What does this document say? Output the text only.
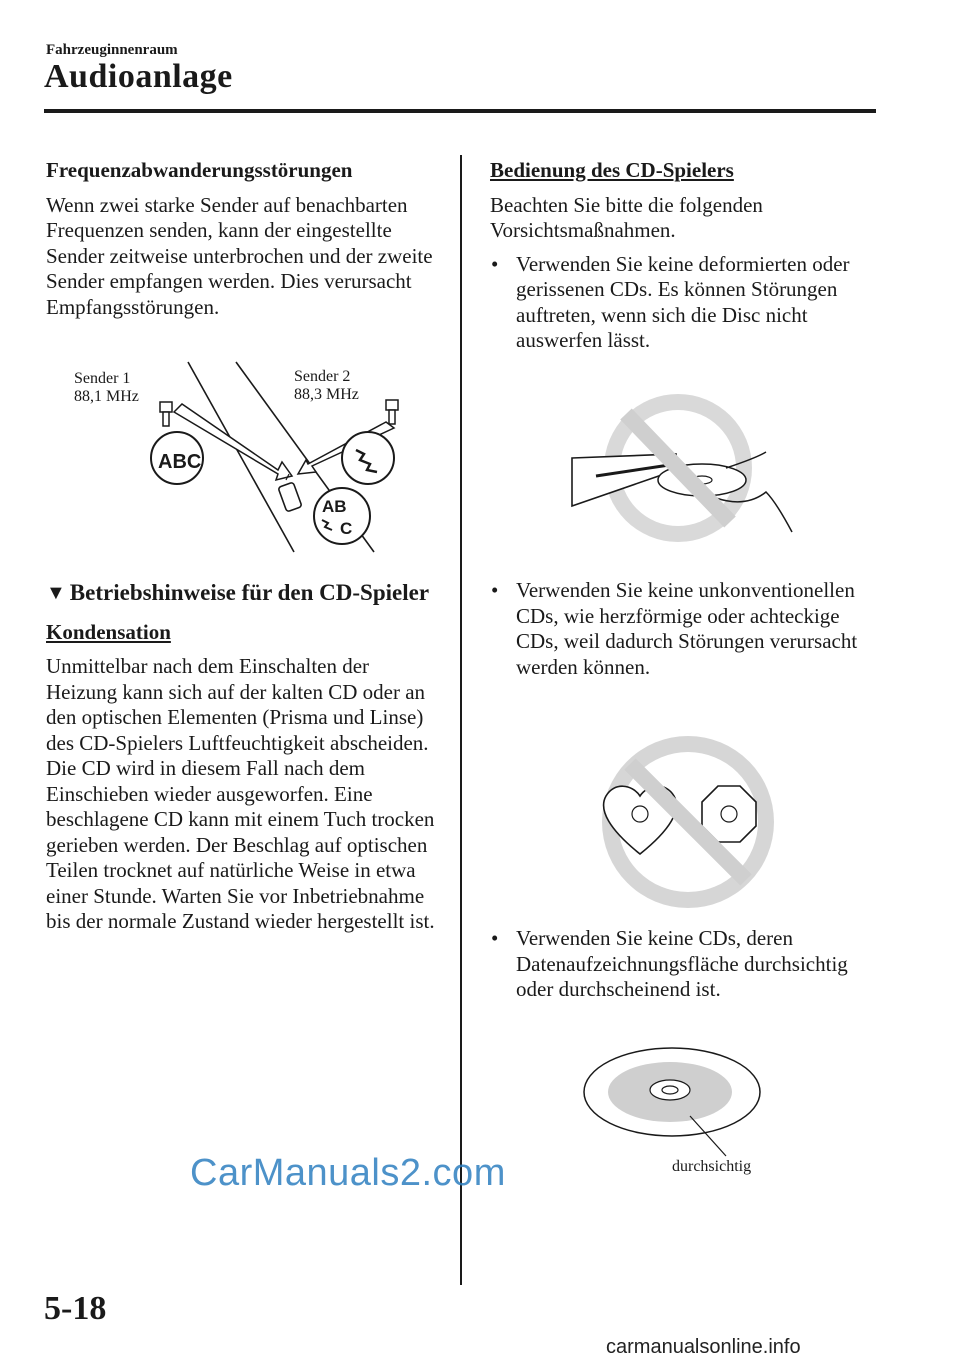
Fahrzeuginnenraum
Audioanlage

Frequenzabwanderungsstörungen

Wenn zwei starke Sender auf benachbarten Frequenzen senden, kann der eingestellte Sender zeitweise unterbrochen und der zweite Sender empfangen werden. Dies verursacht Empfangsstörungen.

ABC
AB
C
Sender 1
88,1 MHz
Sender 2
88,3 MHz
▼ Betriebshinweise für den CD-Spieler

Kondensation

Unmittelbar nach dem Einschalten der Heizung kann sich auf der kalten CD oder an den optischen Elementen (Prisma und Linse) des CD-Spielers Luftfeuchtigkeit abscheiden. Die CD wird in diesem Fall nach dem Einschieben wieder ausgeworfen. Eine beschlagene CD kann mit einem Tuch trocken gerieben werden. Der Beschlag auf optischen Teilen trocknet auf natürliche Weise in etwa einer Stunde. Warten Sie vor Inbetriebnahme bis der normale Zustand wieder hergestellt ist.

Bedienung des CD-Spielers

Beachten Sie bitte die folgenden Vorsichtsmaßnahmen.

• Verwenden Sie keine deformierten oder gerissenen CDs. Es können Störungen auftreten, wenn sich die Disc nicht auswerfen lässt.
• Verwenden Sie keine unkonventionellen CDs, wie herzförmige oder achteckige CDs, weil dadurch Störungen verursacht werden können.
• Verwenden Sie keine CDs, deren Datenaufzeichnungsfläche durchsichtig oder durchscheinend ist.
durchsichtig
5-18
CarManuals2.com
carmanualsonline.info
